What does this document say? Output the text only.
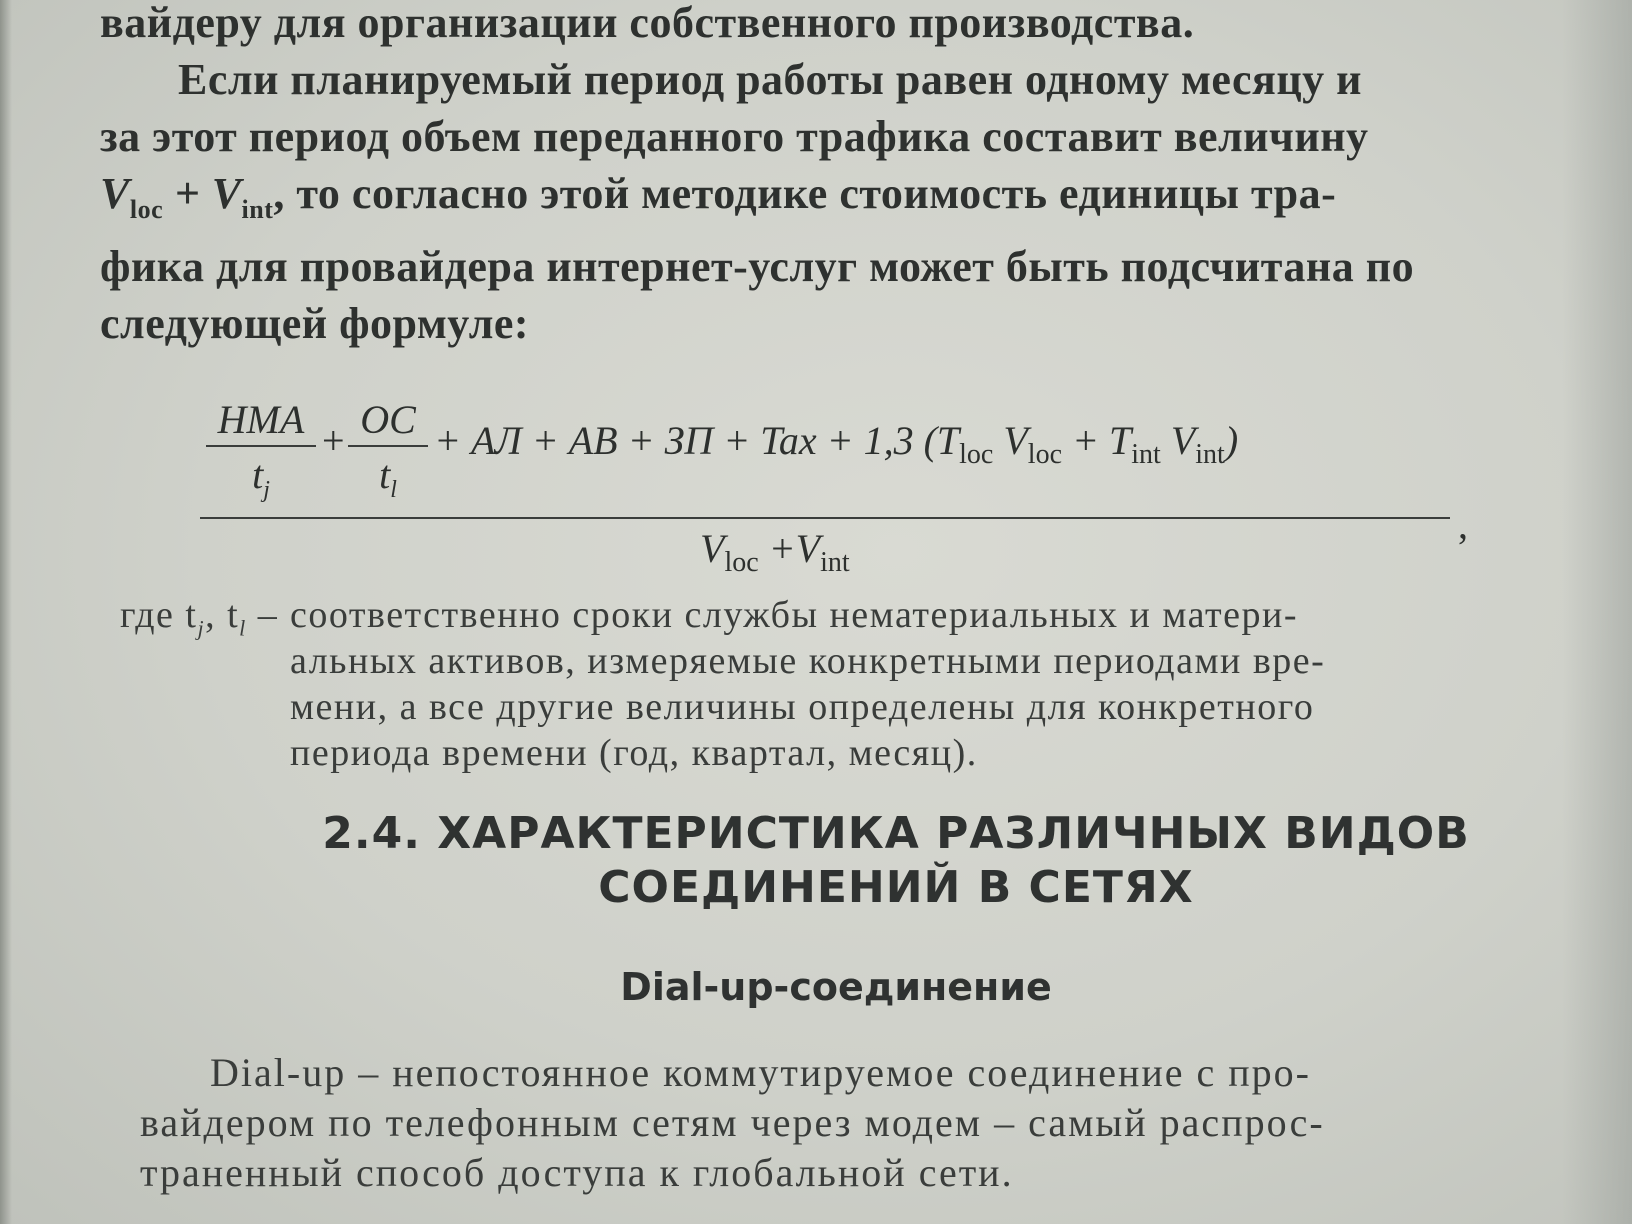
вайдеру для организации собственного производства.
Если планируемый период работы равен одному месяцу и
за этот период объем переданного трафика составит величину
$V_{loc} + V_{int}$, то согласно этой методике стоимость единицы тра-
фика для провайдера интернет-услуг может быть подсчитана по
следующей формуле:
НМА
$t_j$
+ ОС
$t_l$
+ АЛ + АВ + ЗП + Tax + 1,3 ($T_{loc}$ $V_{loc} + T_{int}$ $V_{int}$)
,
$V_{loc} +V_{int}$
где $t_j$, $t_l$ – соответственно сроки службы нематериальных и матери-
альных активов, измеряемые конкретными периодами вре-
мени, а все другие величины определены для конкретного
периода времени (год, квартал, месяц).
2.4. ХАРАКТЕРИСТИКА РАЗЛИЧНЫХ ВИДОВ
СОЕДИНЕНИЙ В СЕТЯХ
Dial-up-соединение
Dial-up – непостоянное коммутируемое соединение с про-
вайдером по телефонным сетям через модем – самый распрос-
траненный способ доступа к глобальной сети.
